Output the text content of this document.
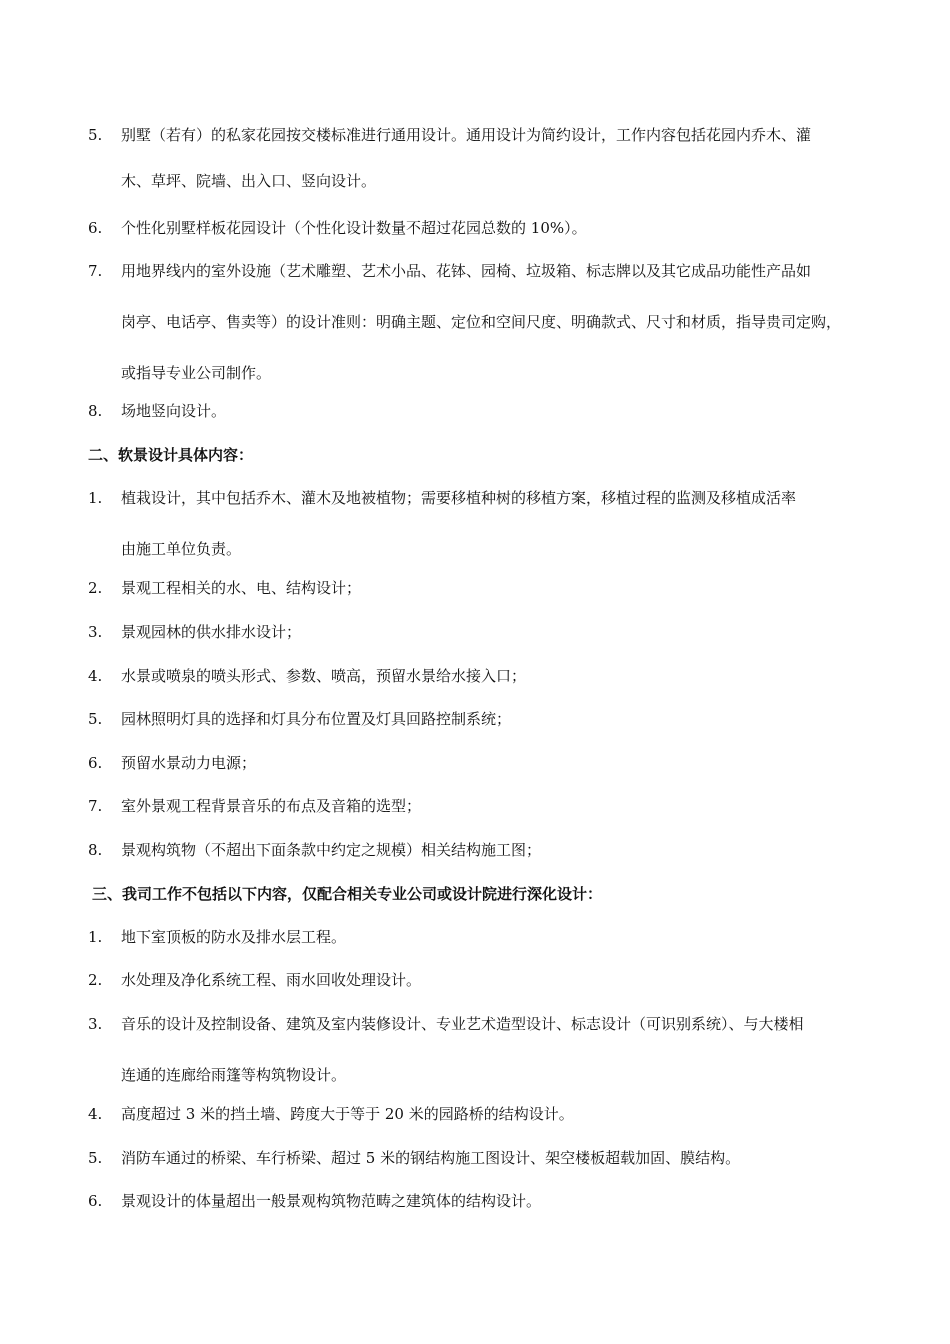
5.	别墅（若有）的私家花园按交楼标准进行通用设计。通用设计为简约设计，工作内容包括花园内乔木、灌
木、草坪、院墙、出入口、竖向设计。
6.	个性化别墅样板花园设计（个性化设计数量不超过花园总数的 10%）。
7.	用地界线内的室外设施（艺术雕塑、艺术小品、花钵、园椅、垃圾箱、标志牌以及其它成品功能性产品如
岗亭、电话亭、售卖等）的设计准则：明确主题、定位和空间尺度、明确款式、尺寸和材质，指导贵司定购，
或指导专业公司制作。
8.	场地竖向设计。
二、软景设计具体内容：
1.	植栽设计，其中包括乔木、灌木及地被植物；需要移植种树的移植方案，移植过程的监测及移植成活率
由施工单位负责。
2.	景观工程相关的水、电、结构设计；
3.	景观园林的供水排水设计；
4.	水景或喷泉的喷头形式、参数、喷高，预留水景给水接入口；
5.	园林照明灯具的选择和灯具分布位置及灯具回路控制系统；
6.	预留水景动力电源；
7.	室外景观工程背景音乐的布点及音箱的选型；
8.	景观构筑物（不超出下面条款中约定之规模）相关结构施工图；
三、我司工作不包括以下内容，仅配合相关专业公司或设计院进行深化设计：
1.	地下室顶板的防水及排水层工程。
2.	水处理及净化系统工程、雨水回收处理设计。
3.	音乐的设计及控制设备、建筑及室内装修设计、专业艺术造型设计、标志设计（可识别系统）、与大楼相
连通的连廊给雨篷等构筑物设计。
4.	高度超过 3 米的挡土墙、跨度大于等于 20 米的园路桥的结构设计。
5.	消防车通过的桥梁、车行桥梁、超过 5 米的钢结构施工图设计、架空楼板超载加固、膜结构。
6.	景观设计的体量超出一般景观构筑物范畴之建筑体的结构设计。
